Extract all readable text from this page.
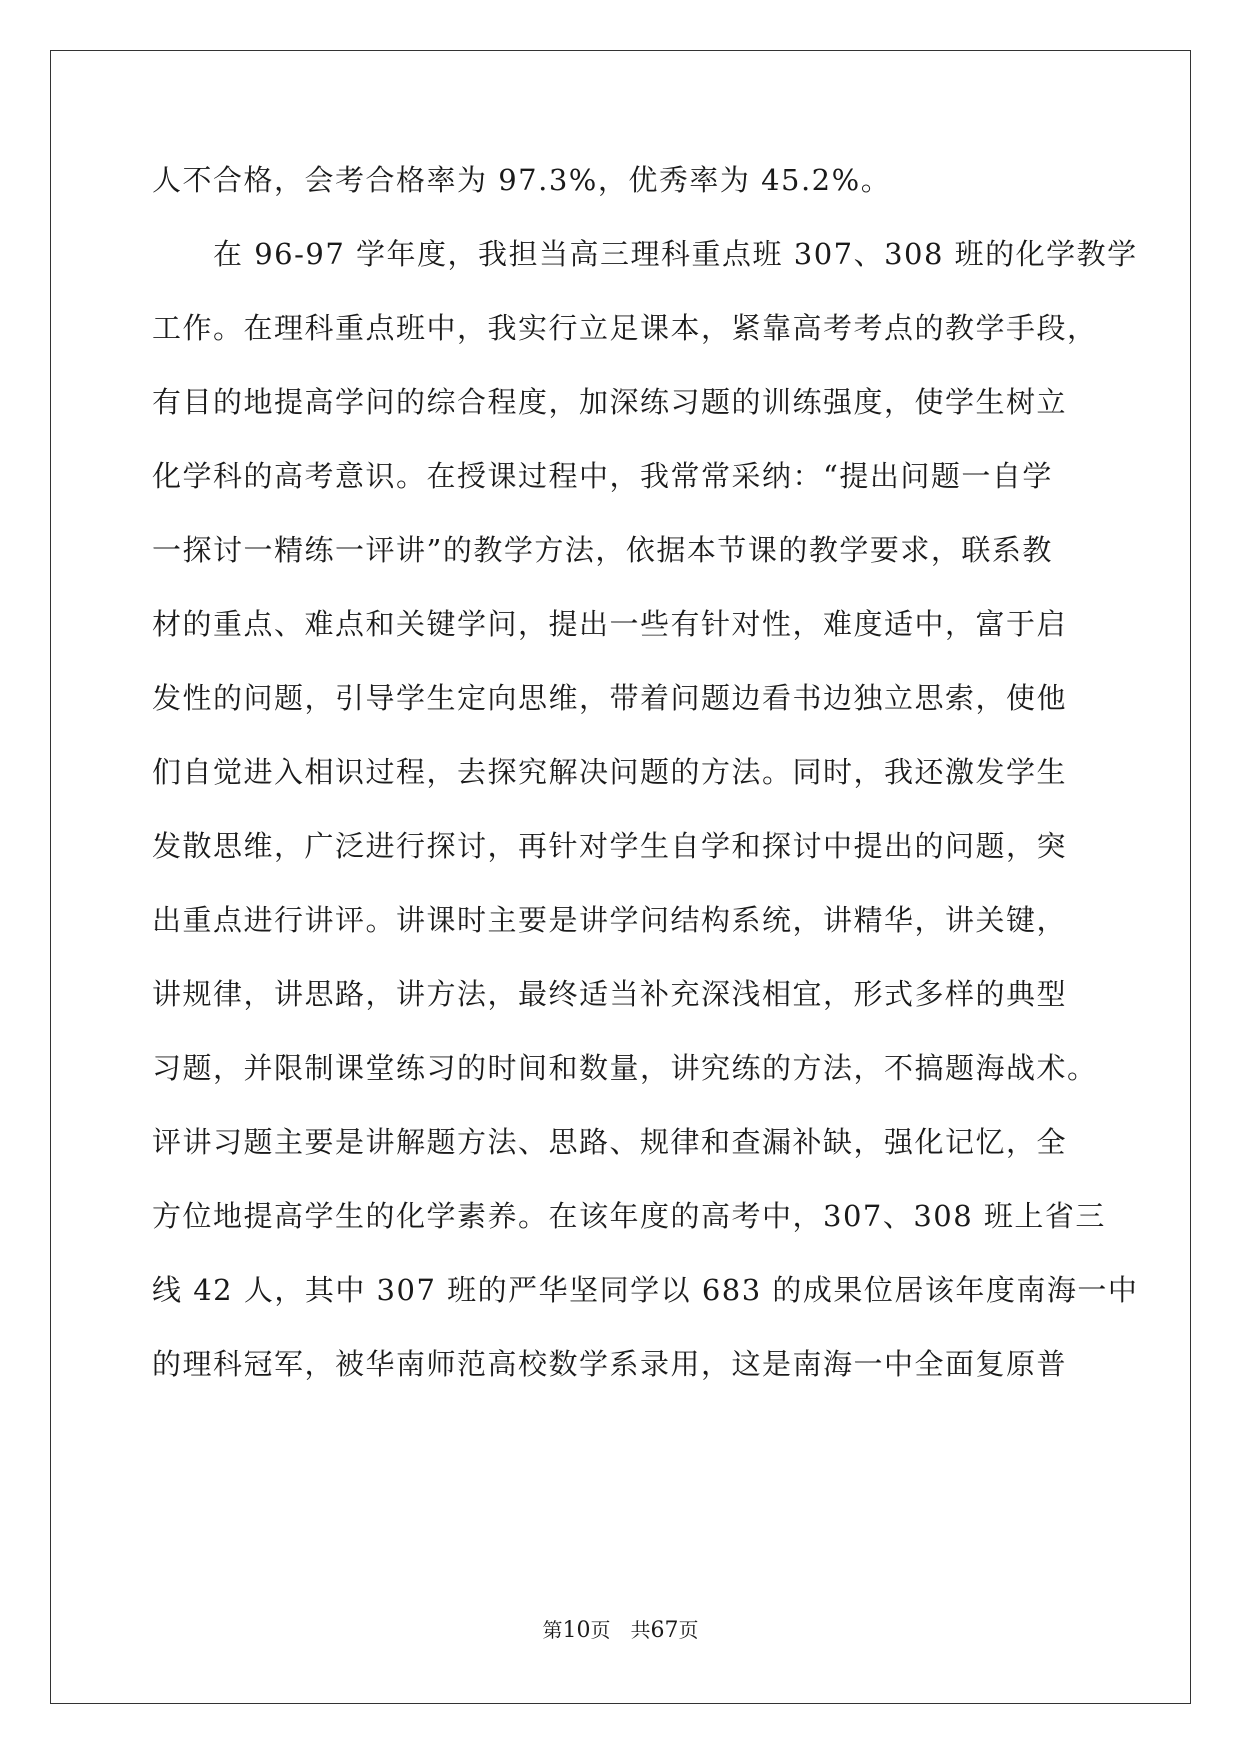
人不合格，会考合格率为 97.3%，优秀率为 45.2%。
　　在 96-97 学年度，我担当高三理科重点班 307、308 班的化学教学
工作。在理科重点班中，我实行立足课本，紧靠高考考点的教学手段，
有目的地提高学问的综合程度，加深练习题的训练强度，使学生树立
化学科的高考意识。在授课过程中，我常常采纳：“提出问题一自学
一探讨一精练一评讲”的教学方法，依据本节课的教学要求，联系教
材的重点、难点和关键学问，提出一些有针对性，难度适中，富于启
发性的问题，引导学生定向思维，带着问题边看书边独立思索，使他
们自觉进入相识过程，去探究解决问题的方法。同时，我还激发学生
发散思维，广泛进行探讨，再针对学生自学和探讨中提出的问题，突
出重点进行讲评。讲课时主要是讲学问结构系统，讲精华，讲关键，
讲规律，讲思路，讲方法，最终适当补充深浅相宜，形式多样的典型
习题，并限制课堂练习的时间和数量，讲究练的方法，不搞题海战术。
评讲习题主要是讲解题方法、思路、规律和查漏补缺，强化记忆，全
方位地提高学生的化学素养。在该年度的高考中，307、308 班上省三
线 42 人，其中 307 班的严华坚同学以 683 的成果位居该年度南海一中
的理科冠军，被华南师范高校数学系录用，这是南海一中全面复原普
第10页　共67页
